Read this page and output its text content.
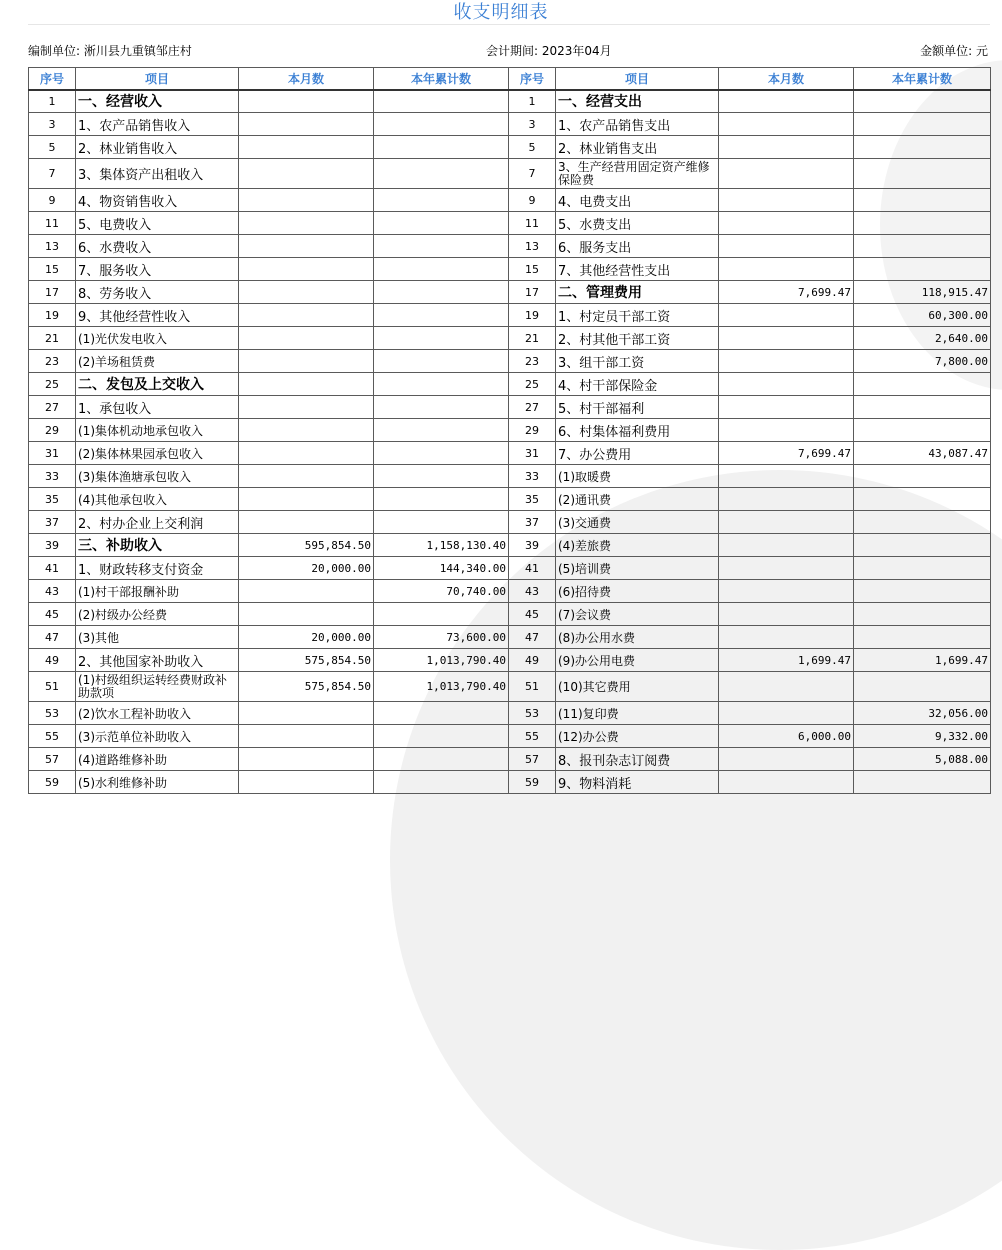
收支明细表
编制单位: 淅川县九重镇邹庄村	会计期间: 2023年04月	金额单位: 元
序号	项目	本月数	本年累计数	序号	项目	本月数	本年累计数
1	一、经营收入			1	一、经营支出		
3	1、农产品销售收入			3	1、农产品销售支出		
5	2、林业销售收入			5	2、林业销售支出		
7	3、集体资产出租收入			7	3、生产经营用固定资产维修保险费		
9	4、物资销售收入			9	4、电费支出		
11	5、电费收入			11	5、水费支出		
13	6、水费收入			13	6、服务支出		
15	7、服务收入			15	7、其他经营性支出		
17	8、劳务收入			17	二、管理费用	7,699.47	118,915.47
19	9、其他经营性收入			19	1、村定员干部工资		60,300.00
21	(1)光伏发电收入			21	2、村其他干部工资		2,640.00
23	(2)羊场租赁费			23	3、组干部工资		7,800.00
25	二、发包及上交收入			25	4、村干部保险金		
27	1、承包收入			27	5、村干部福利		
29	(1)集体机动地承包收入			29	6、村集体福利费用		
31	(2)集体林果园承包收入			31	7、办公费用	7,699.47	43,087.47
33	(3)集体渔塘承包收入			33	(1)取暖费		
35	(4)其他承包收入			35	(2)通讯费		
37	2、村办企业上交利润			37	(3)交通费		
39	三、补助收入	595,854.50	1,158,130.40	39	(4)差旅费		
41	1、财政转移支付资金	20,000.00	144,340.00	41	(5)培训费		
43	(1)村干部报酬补助		70,740.00	43	(6)招待费		
45	(2)村级办公经费			45	(7)会议费		
47	(3)其他	20,000.00	73,600.00	47	(8)办公用水费		
49	2、其他国家补助收入	575,854.50	1,013,790.40	49	(9)办公用电费	1,699.47	1,699.47
51	(1)村级组织运转经费财政补助款项	575,854.50	1,013,790.40	51	(10)其它费用		
53	(2)饮水工程补助收入			53	(11)复印费		32,056.00
55	(3)示范单位补助收入			55	(12)办公费	6,000.00	9,332.00
57	(4)道路维修补助			57	8、报刊杂志订阅费		5,088.00
59	(5)水利维修补助			59	9、物料消耗		
